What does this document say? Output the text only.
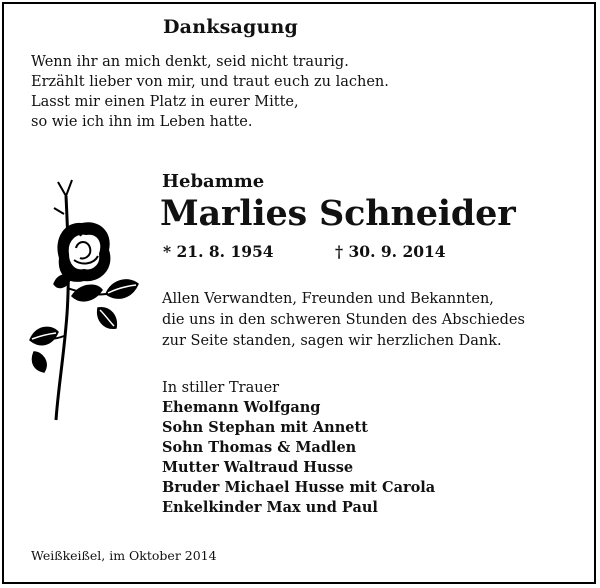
Danksagung
Wenn ihr an mich denkt, seid nicht traurig.
Erzählt lieber von mir, und traut euch zu lachen.
Lasst mir einen Platz in eurer Mitte,
so wie ich ihn im Leben hatte.
Hebamme
Marlies Schneider
* 21. 8. 1954	† 30. 9. 2014
Allen Verwandten, Freunden und Bekannten,
die uns in den schweren Stunden des Abschiedes
zur Seite standen, sagen wir herzlichen Dank.
In stiller Trauer
Ehemann Wolfgang
Sohn Stephan mit Annett
Sohn Thomas & Madlen
Mutter Waltraud Husse
Bruder Michael Husse mit Carola
Enkelkinder Max und Paul
Weißkeißel, im Oktober 2014
